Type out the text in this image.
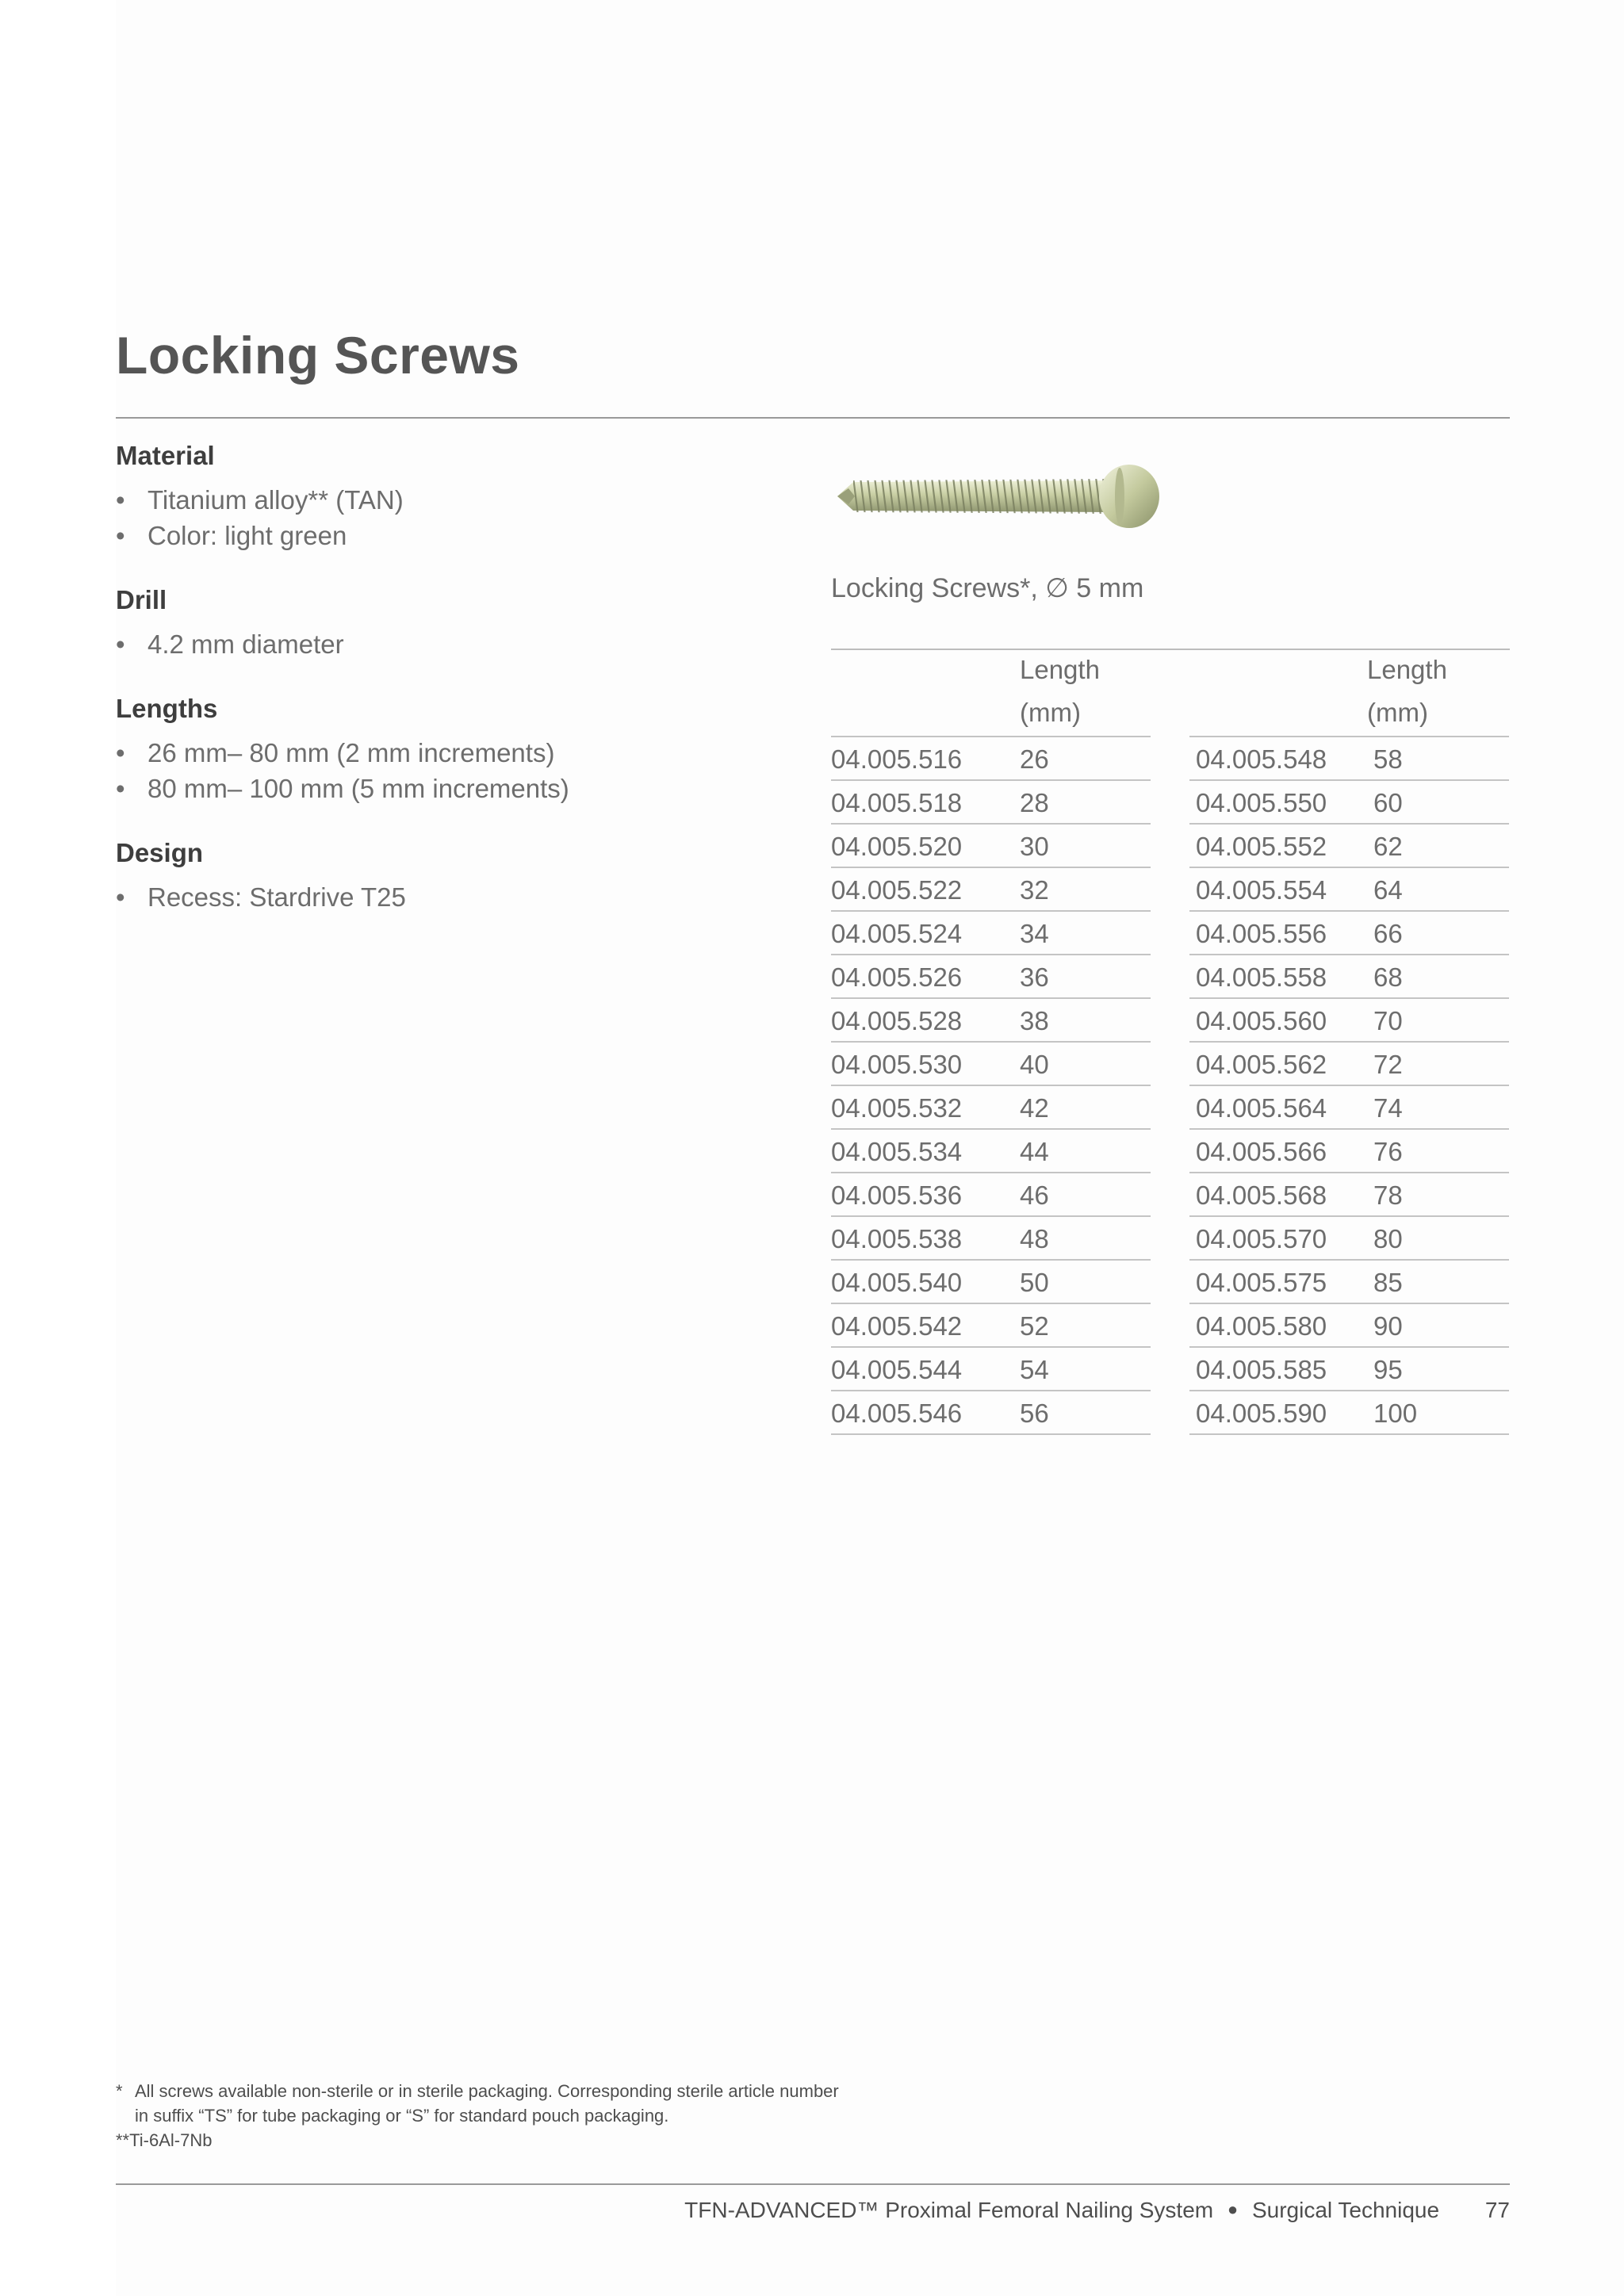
Locking Screws
Material
• Titanium alloy** (TAN)
• Color: light green
Drill
• 4.2 mm diameter
Lengths
• 26 mm– 80 mm (2 mm increments)
• 80 mm– 100 mm (5 mm increments)
Design
• Recess: Stardrive T25
Locking Screws*, ∅ 5 mm
Length
(mm)
04.005.516 26
04.005.518 28
04.005.520 30
04.005.522 32
04.005.524 34
04.005.526 36
04.005.528 38
04.005.530 40
04.005.532 42
04.005.534 44
04.005.536 46
04.005.538 48
04.005.540 50
04.005.542 52
04.005.544 54
04.005.546 56
Length
(mm)
04.005.548 58
04.005.550 60
04.005.552 62
04.005.554 64
04.005.556 66
04.005.558 68
04.005.560 70
04.005.562 72
04.005.564 74
04.005.566 76
04.005.568 78
04.005.570 80
04.005.575 85
04.005.580 90
04.005.585 95
04.005.590 100
* All screws available non-sterile or in sterile packaging. Corresponding sterile article number
in suffix “TS” for tube packaging or “S” for standard pouch packaging.
**Ti-6Al-7Nb
TFN-ADVANCED™ Proximal Femoral Nailing System ● Surgical Technique 77
